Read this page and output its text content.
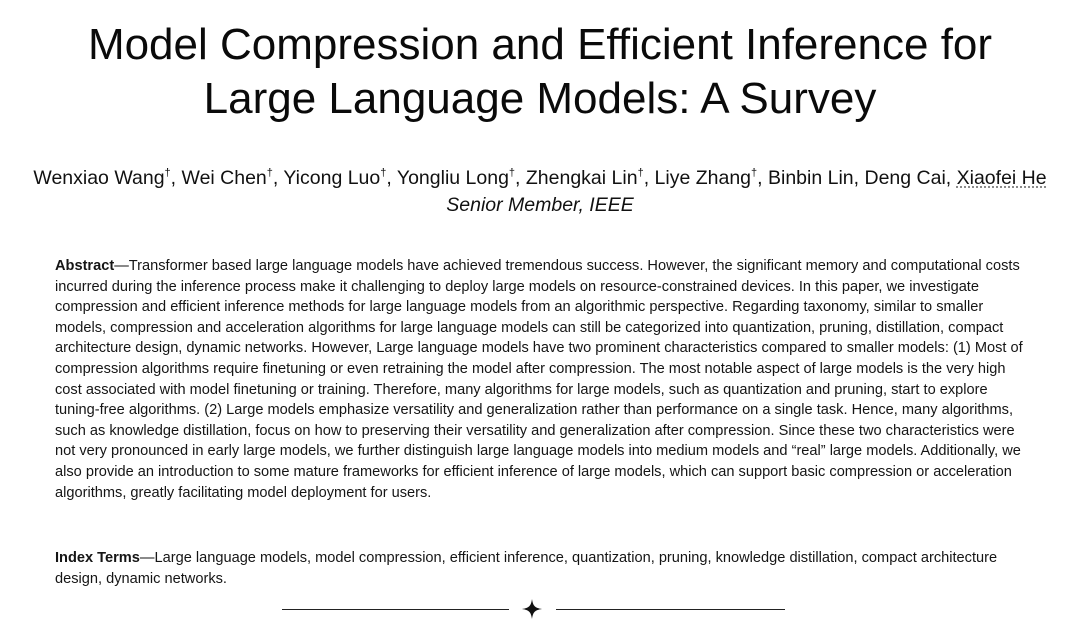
Model Compression and Efficient Inference for
Large Language Models: A Survey
Wenxiao Wang†, Wei Chen†, Yicong Luo†, Yongliu Long†, Zhengkai Lin†, Liye Zhang†, Binbin Lin, Deng Cai, Xiaofei He Senior Member, IEEE

Abstract—Transformer based large language models have achieved tremendous success. However, the significant memory and computational costs incurred during the inference process make it challenging to deploy large models on resource-constrained devices. In this paper, we investigate compression and efficient inference methods for large language models from an algorithmic perspective. Regarding taxonomy, similar to smaller models, compression and acceleration algorithms for large language models can still be categorized into quantization, pruning, distillation, compact architecture design, dynamic networks. However, Large language models have two prominent characteristics compared to smaller models: (1) Most of compression algorithms require finetuning or even retraining the model after compression. The most notable aspect of large models is the very high cost associated with model finetuning or training. Therefore, many algorithms for large models, such as quantization and pruning, start to explore tuning-free algorithms. (2) Large models emphasize versatility and generalization rather than performance on a single task. Hence, many algorithms, such as knowledge distillation, focus on how to preserving their versatility and generalization after compression. Since these two characteristics were not very pronounced in early large models, we further distinguish large language models into medium models and “real” large models. Additionally, we also provide an introduction to some mature frameworks for efficient inference of large models, which can support basic compression or acceleration algorithms, greatly facilitating model deployment for users.

Index Terms—Large language models, model compression, efficient inference, quantization, pruning, knowledge distillation, compact architecture design, dynamic networks.
